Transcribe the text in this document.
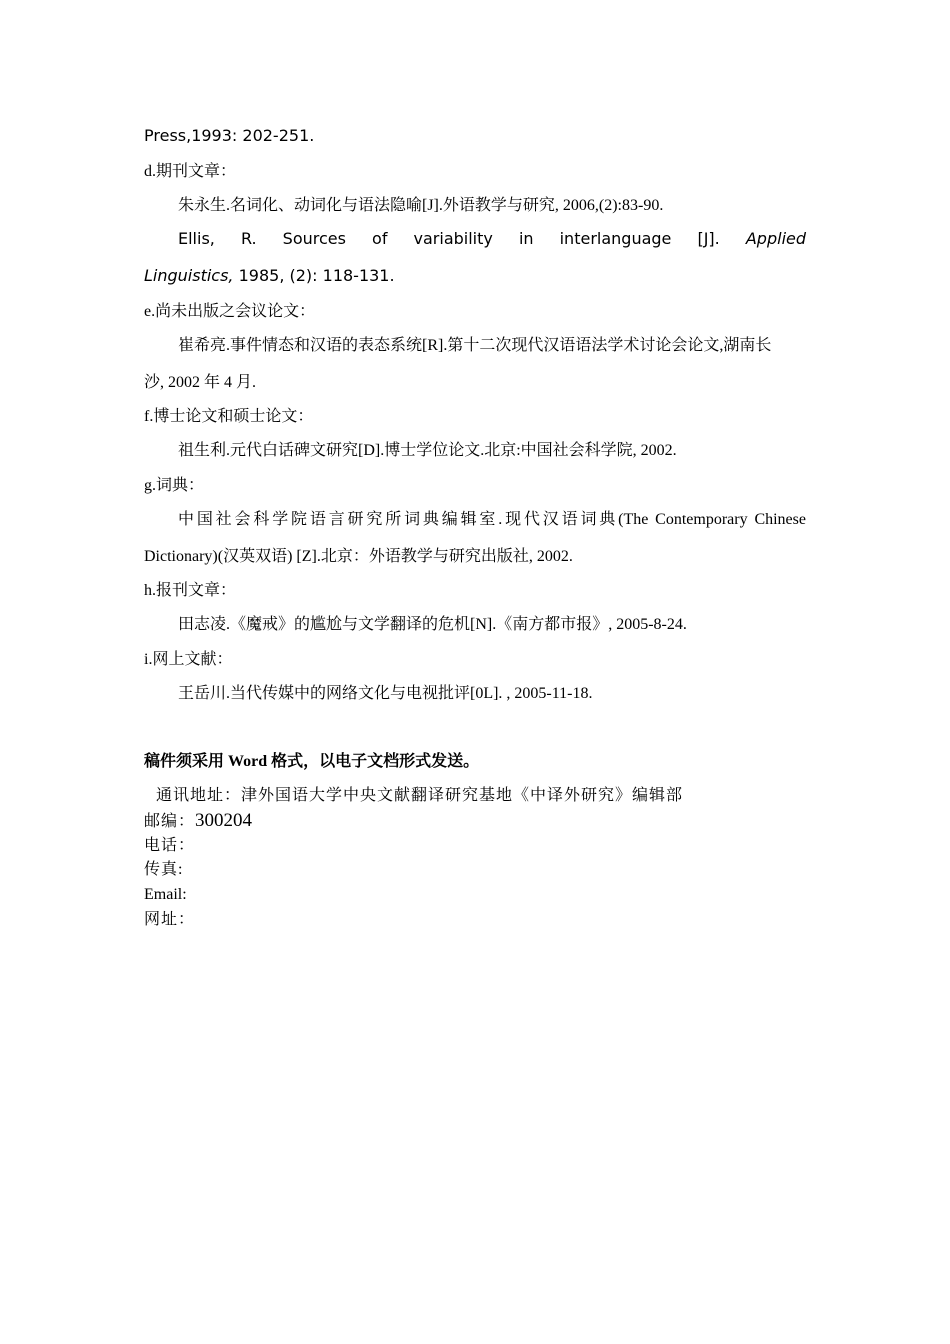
Press,1993: 202-251.
d.期刊文章：
朱永生.名词化、动词化与语法隐喻[J].外语教学与研究, 2006,(2):83-90.
Ellis, R. Sources of variability in interlanguage [J]. Applied
Linguistics, 1985, (2): 118-131.
e.尚未出版之会议论文：
崔希亮.事件情态和汉语的表态系统[R].第十二次现代汉语语法学术讨论会论文,湖南长
沙, 2002 年 4 月.
f.博士论文和硕士论文：
祖生利.元代白话碑文研究[D].博士学位论文.北京:中国社会科学院, 2002.
g.词典：
中国社会科学院语言研究所词典编辑室.现代汉语词典(The Contemporary Chinese
Dictionary)(汉英双语) [Z].北京：外语教学与研究出版社, 2002.
h.报刊文章：
田志凌.《魔戒》的尴尬与文学翻译的危机[N].《南方都市报》, 2005-8-24.
i.网上文献：
王岳川.当代传媒中的网络文化与电视批评[0L]. , 2005-11-18.
稿件须采用 Word 格式，以电子文档形式发送。
通讯地址：津外国语大学中央文献翻译研究基地《中译外研究》编辑部
邮编：300204
电话：
传真:
Email:
网址：
